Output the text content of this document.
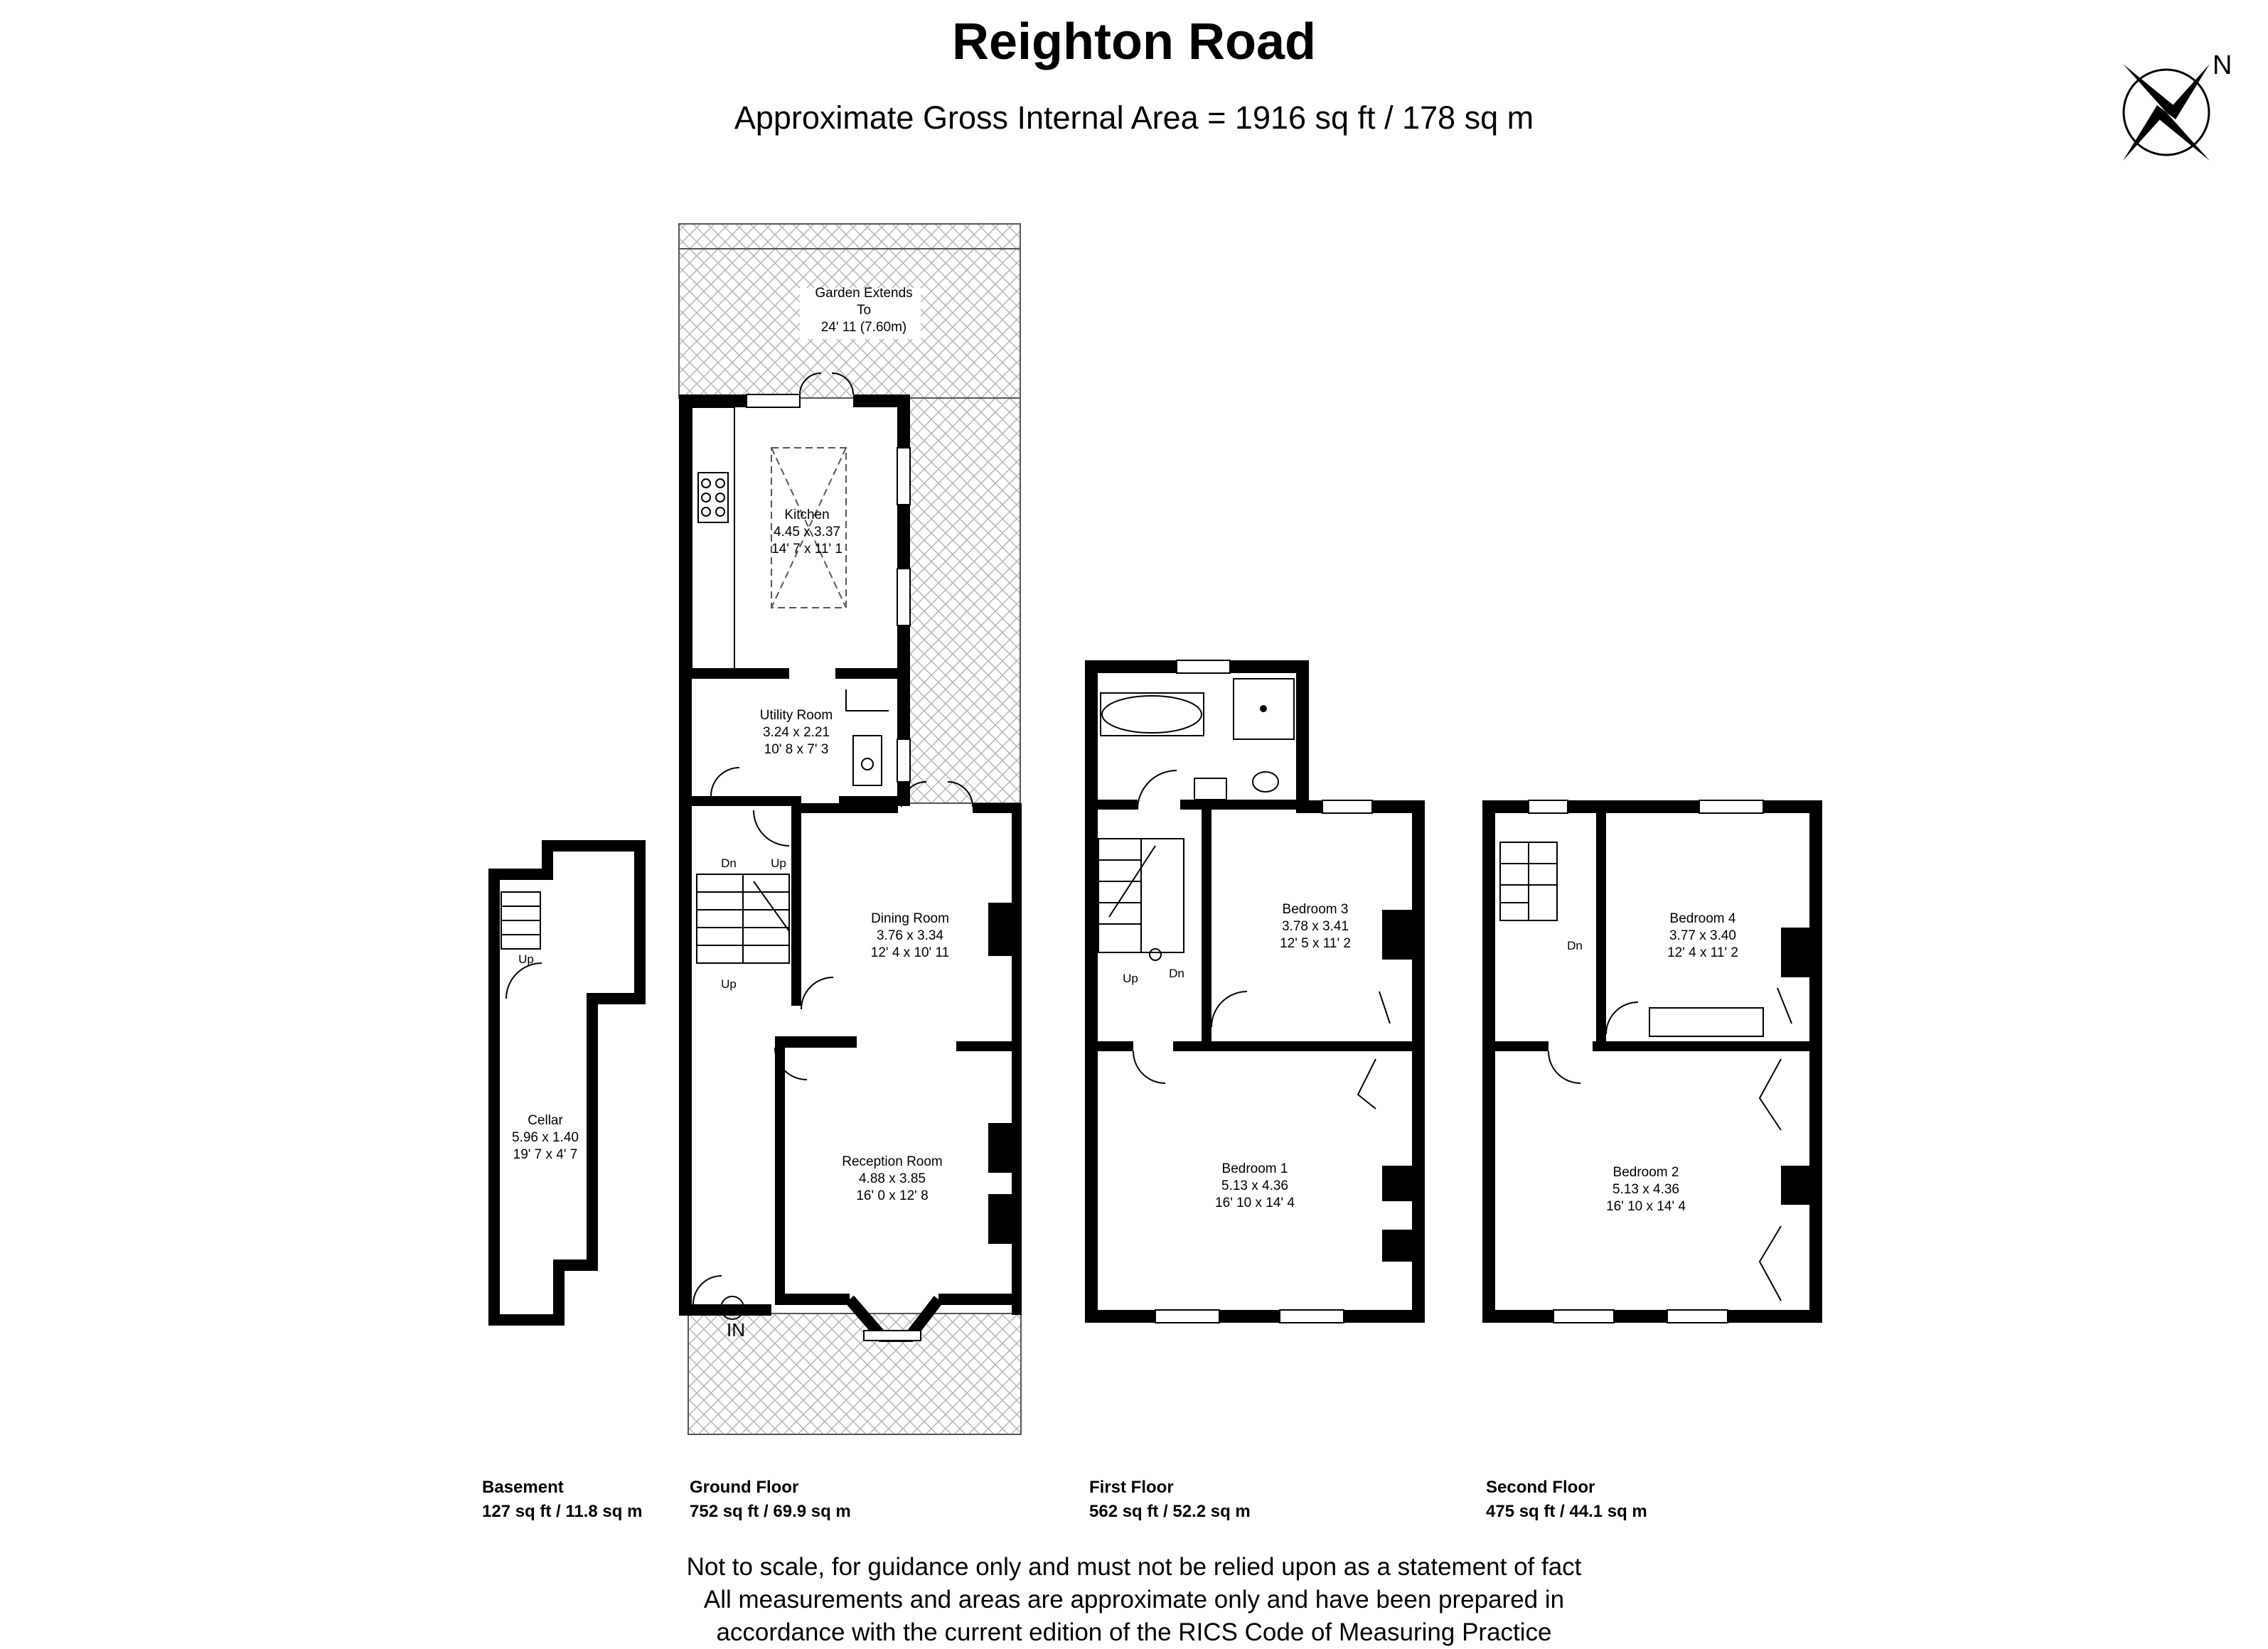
Reighton Road
Approximate Gross Internal Area = 1916 sq ft / 178 sq m
N
IN
Garden Extends
To
24' 11 (7.60m)
Kitchen
4.45 x 3.37
14' 7 x 11' 1
Utility Room
3.24 x 2.21
10' 8 x 7' 3
Dining Room
3.76 x 3.34
12' 4 x 10' 11
Reception Room
4.88 x 3.85
16' 0 x 12' 8
Dn	Up
Up
Up
Cellar
5.96 x 1.40
19' 7 x 4' 7
Up	Dn
Bedroom 3
3.78 x 3.41
12' 5 x 11' 2
Bedroom 1
5.13 x 4.36
16' 10 x 14' 4
Dn
Bedroom 4
3.77 x 3.40
12' 4 x 11' 2
Bedroom 2
5.13 x 4.36
16' 10 x 14' 4
Basement
127 sq ft / 11.8 sq m
Ground Floor
752 sq ft / 69.9 sq m
First Floor
562 sq ft / 52.2 sq m
Second Floor
475 sq ft / 44.1 sq m
Not to scale, for guidance only and must not be relied upon as a statement of fact
All measurements and areas are approximate only and have been prepared in
accordance with the current edition of the RICS Code of Measuring Practice
